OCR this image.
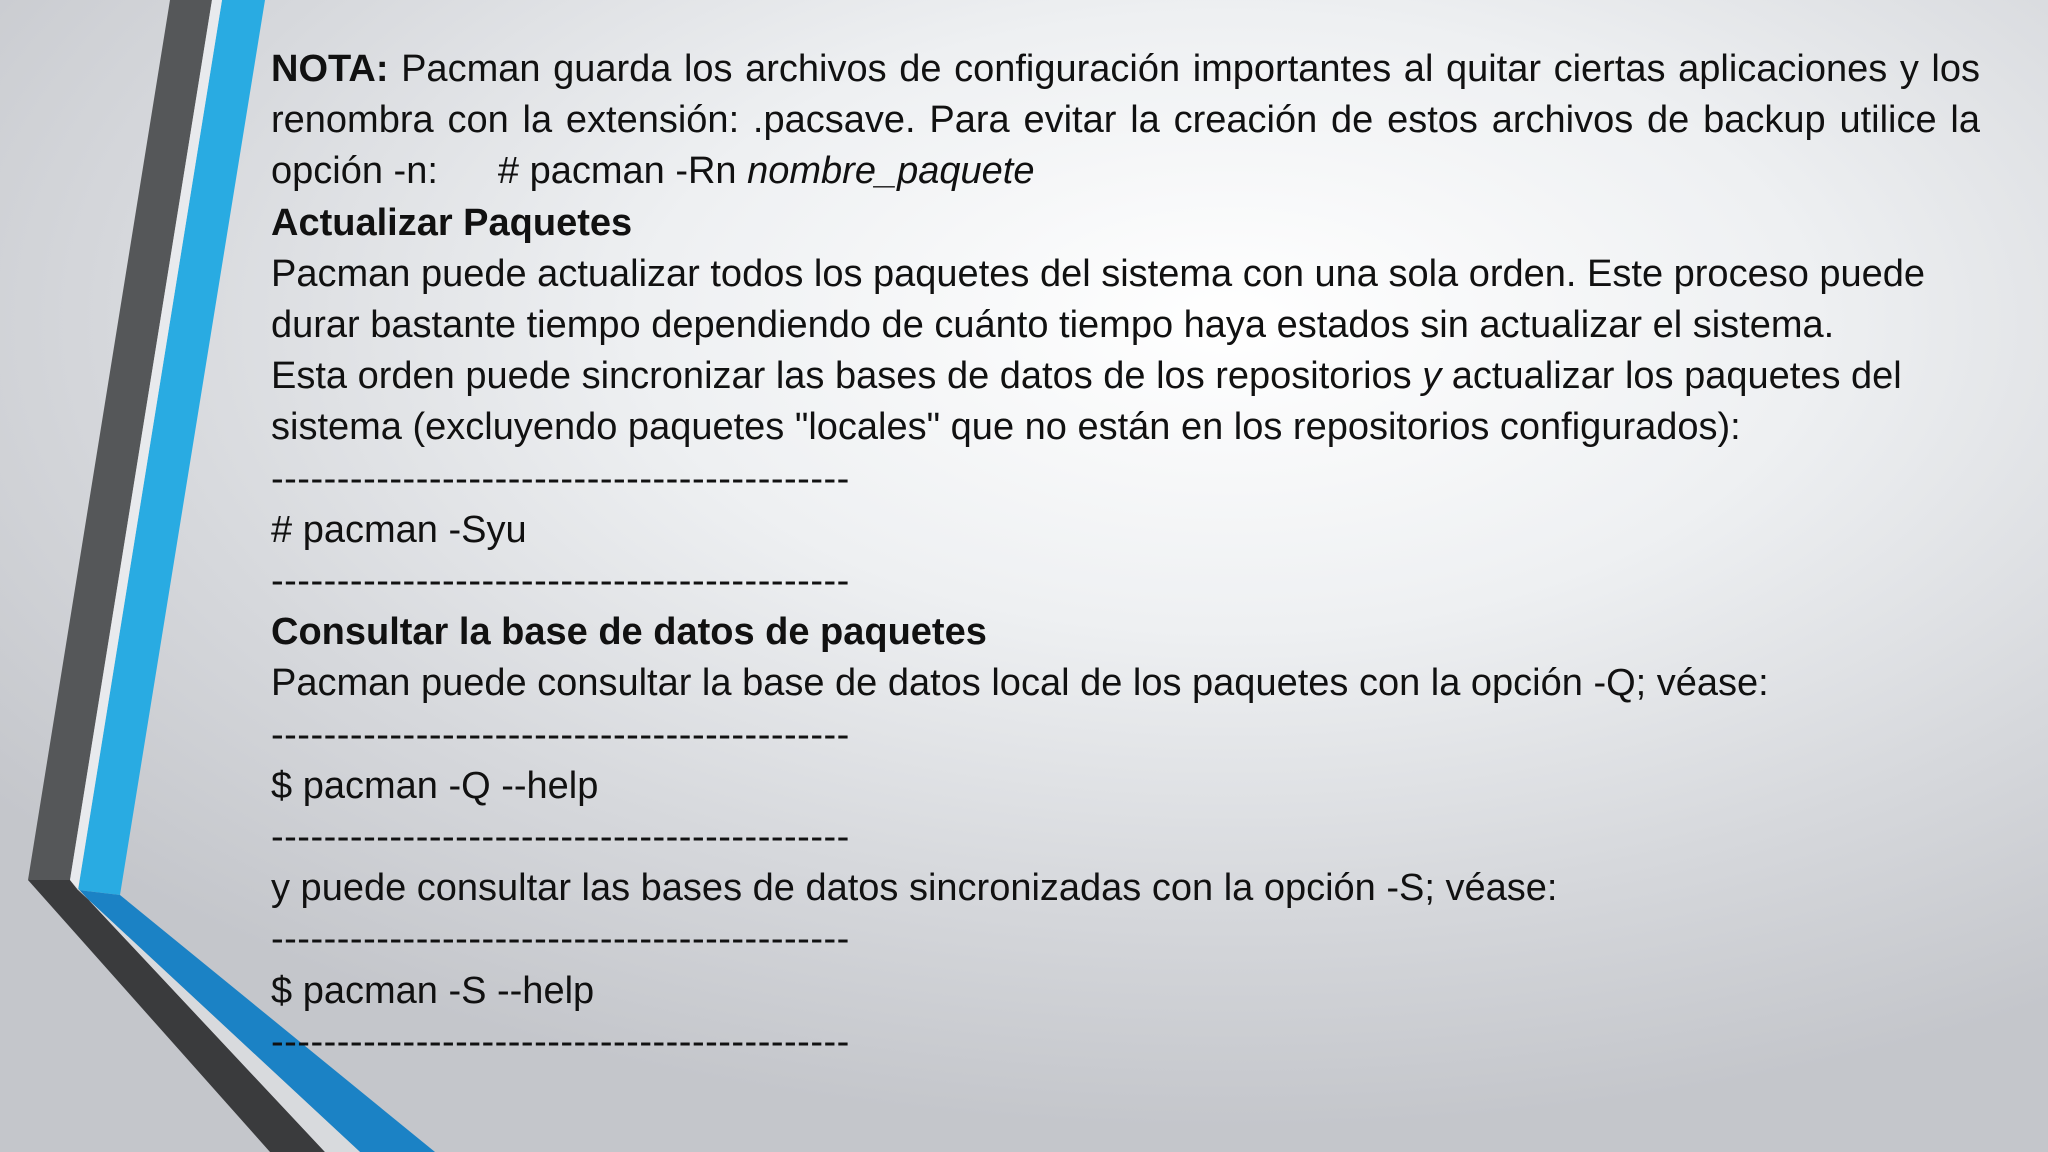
NOTA: Pacman guarda los archivos de configuración importantes al quitar ciertas aplicaciones y los renombra con la extensión: .pacsave. Para evitar la creación de estos archivos de backup utilice la opción -n: # pacman -Rn nombre_paquete

Actualizar Paquetes

Pacman puede actualizar todos los paquetes del sistema con una sola orden. Este proceso puede

durar bastante tiempo dependiendo de cuánto tiempo haya estados sin actualizar el sistema.

Esta orden puede sincronizar las bases de datos de los repositorios y actualizar los paquetes del

sistema (excluyendo paquetes "locales" que no están en los repositorios configurados):

--------------------------------------------

# pacman -Syu

--------------------------------------------

Consultar la base de datos de paquetes

Pacman puede consultar la base de datos local de los paquetes con la opción -Q; véase:

--------------------------------------------

$ pacman -Q --help

--------------------------------------------

y puede consultar las bases de datos sincronizadas con la opción -S; véase:

--------------------------------------------

$ pacman -S --help

--------------------------------------------
